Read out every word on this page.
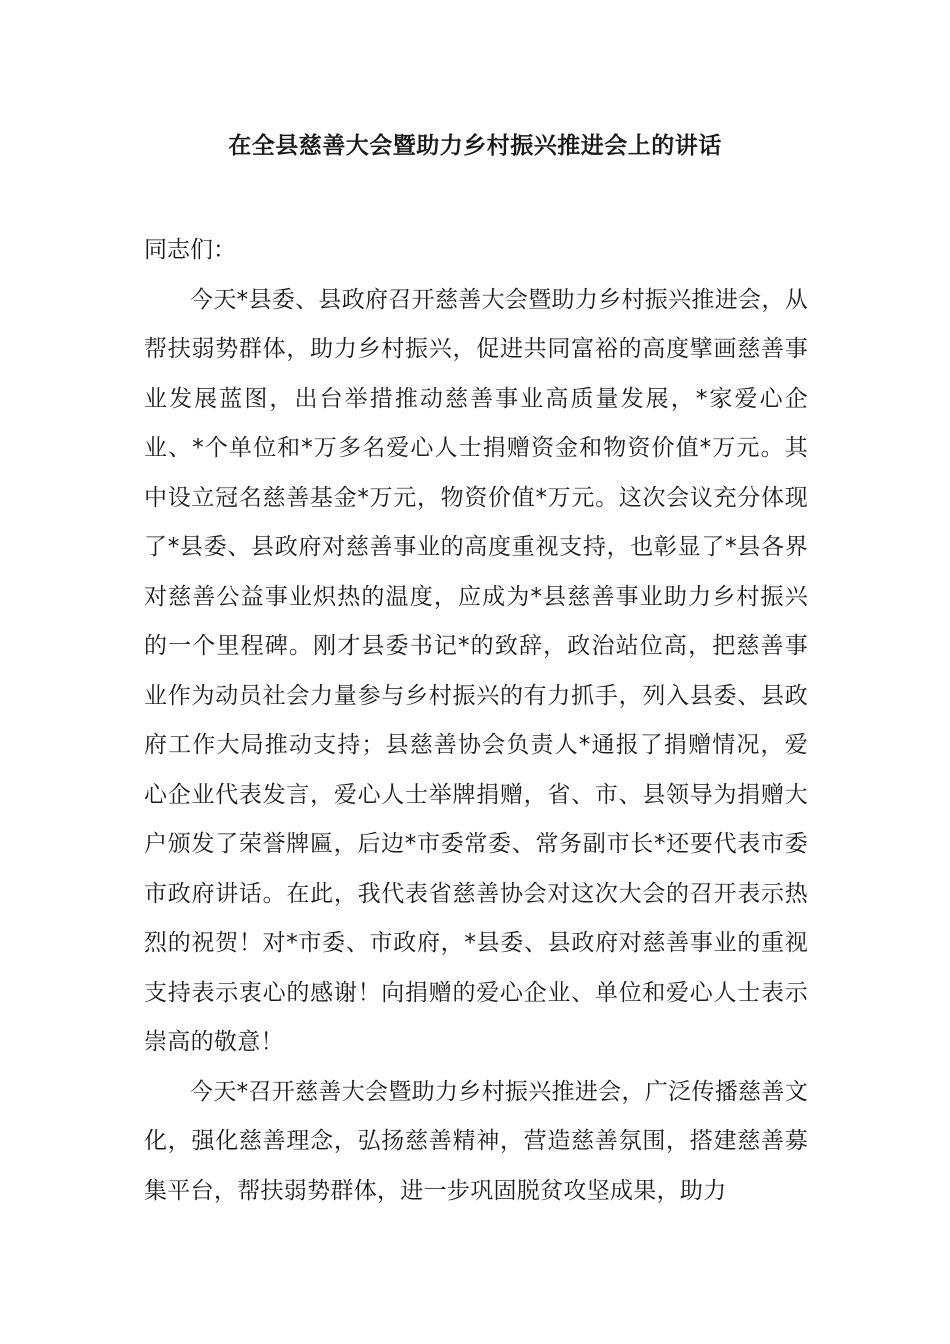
在全县慈善大会暨助力乡村振兴推进会上的讲话

同志们：

今天*县委、县政府召开慈善大会暨助力乡村振兴推进会，从帮扶弱势群体，助力乡村振兴，促进共同富裕的高度擘画慈善事业发展蓝图，出台举措推动慈善事业高质量发展，*家爱心企业、*个单位和*万多名爱心人士捐赠资金和物资价值*万元。其中设立冠名慈善基金*万元，物资价值*万元。这次会议充分体现了*县委、县政府对慈善事业的高度重视支持，也彰显了*县各界对慈善公益事业炽热的温度，应成为*县慈善事业助力乡村振兴的一个里程碑。刚才县委书记*的致辞，政治站位高，把慈善事业作为动员社会力量参与乡村振兴的有力抓手，列入县委、县政府工作大局推动支持；县慈善协会负责人*通报了捐赠情况，爱心企业代表发言，爱心人士举牌捐赠，省、市、县领导为捐赠大户颁发了荣誉牌匾，后边*市委常委、常务副市长*还要代表市委市政府讲话。在此，我代表省慈善协会对这次大会的召开表示热烈的祝贺！对*市委、市政府，*县委、县政府对慈善事业的重视支持表示衷心的感谢！向捐赠的爱心企业、单位和爱心人士表示崇高的敬意！

今天*召开慈善大会暨助力乡村振兴推进会，广泛传播慈善文化，强化慈善理念，弘扬慈善精神，营造慈善氛围，搭建慈善募集平台，帮扶弱势群体，进一步巩固脱贫攻坚成果，助力
